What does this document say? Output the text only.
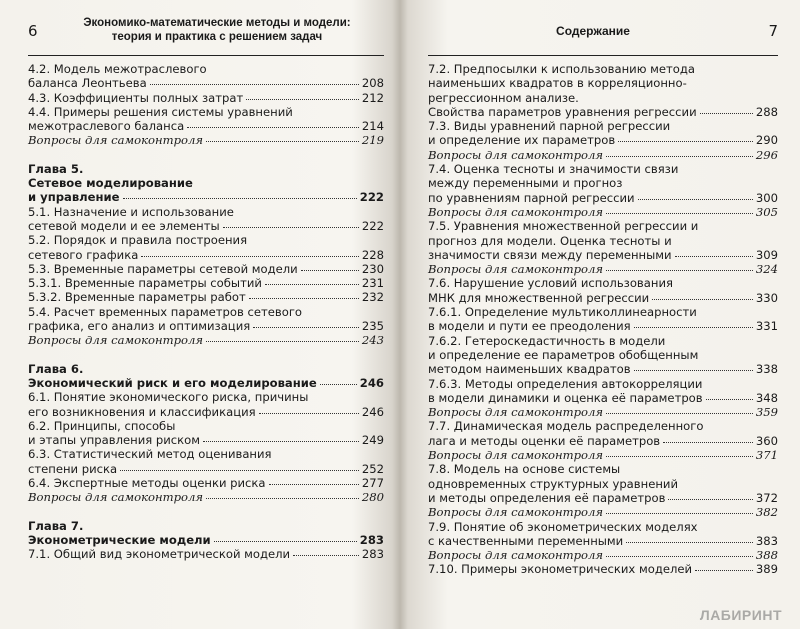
6	Экономико-математические методы и модели:
теория и практика с решением задач
4.2. Модель межотраслевого
баланса Леонтьева	208
4.3. Коэффициенты полных затрат	212
4.4. Примеры решения системы уравнений
межотраслевого баланса	214
Вопросы для самоконтроля	219
Глава 5.
Сетевое моделирование
и управление	222
5.1. Назначение и использование
сетевой модели и ее элементы	222
5.2. Порядок и правила построения
сетевого графика	228
5.3. Временные параметры сетевой модели	230
5.3.1. Временные параметры событий	231
5.3.2. Временные параметры работ	232
5.4. Расчет временных параметров сетевого
графика, его анализ и оптимизация	235
Вопросы для самоконтроля	243
Глава 6.
Экономический риск и его моделирование	246
6.1. Понятие экономического риска, причины
его возникновения и классификация	246
6.2. Принципы, способы
и этапы управления риском	249
6.3. Статистический метод оценивания
степени риска	252
6.4. Экспертные методы оценки риска	277
Вопросы для самоконтроля	280
Глава 7.
Эконометрические модели	283
7.1. Общий вид эконометрической модели	283
Содержание	7
7.2. Предпосылки к использованию метода
наименьших квадратов в корреляционно-
регрессионном анализе.
Свойства параметров уравнения регрессии	288
7.3. Виды уравнений парной регрессии
и определение их параметров	290
Вопросы для самоконтроля	296
7.4. Оценка тесноты и значимости связи
между переменными и прогноз
по уравнениям парной регрессии	300
Вопросы для самоконтроля	305
7.5. Уравнения множественной регрессии и
прогноз для модели. Оценка тесноты и
значимости связи между переменными	309
Вопросы для самоконтроля	324
7.6. Нарушение условий использования
МНК для множественной регрессии	330
7.6.1. Определение мультиколлинеарности
в модели и пути ее преодоления	331
7.6.2. Гетероскедастичность в модели
и определение ее параметров обобщенным
методом наименьших квадратов	338
7.6.3. Методы определения автокорреляции
в модели динамики и оценка её параметров	348
Вопросы для самоконтроля	359
7.7. Динамическая модель распределенного
лага и методы оценки её параметров	360
Вопросы для самоконтроля	371
7.8. Модель на основе системы
одновременных структурных уравнений
и методы определения её параметров	372
Вопросы для самоконтроля	382
7.9. Понятие об эконометрических моделях
с качественными переменными	383
Вопросы для самоконтроля	388
7.10. Примеры эконометрических моделей	389
ЛАБИРИНТ
